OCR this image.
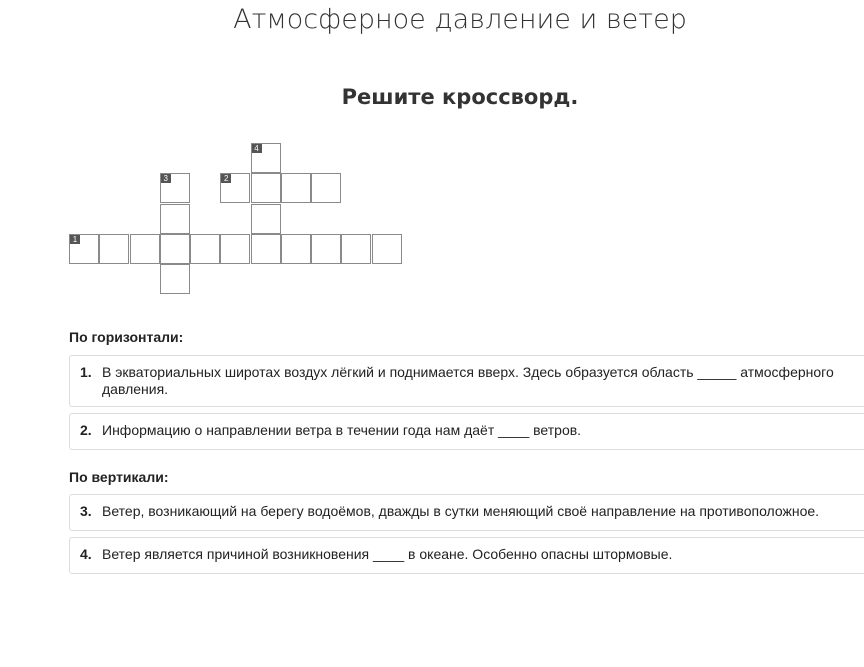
Атмосферное давление и ветер
Решите кроссворд.
1
2
3
4
По горизонтали:
1. В экваториальных широтах воздух лёгкий и поднимается вверх. Здесь образуется область _____ атмосферного давления.
2. Информацию о направлении ветра в течении года нам даёт ____ ветров.
По вертикали:
3. Ветер, возникающий на берегу водоёмов, дважды в сутки меняющий своё направление на противоположное.
4. Ветер является причиной возникновения ____ в океане. Особенно опасны штормовые.
